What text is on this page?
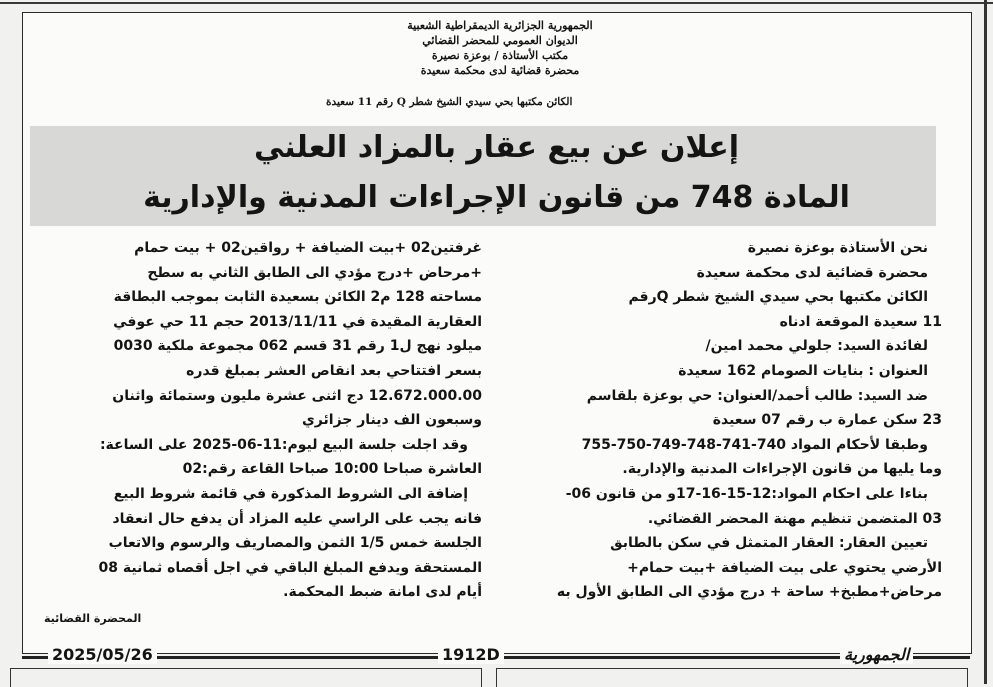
الجمهورية الجزائرية الديمقراطية الشعبية
الديوان العمومي للمحضر القضائي
مكتب الأستاذة / بوعزة نصيرة
محضرة قضائية لدى محكمة سعيدة
الكائن مكتبها بحي سيدي الشيخ شطر Q رقم 11 سعيدة
إعلان عن بيع عقار بالمزاد العلني
المادة 748 من قانون الإجراءات المدنية والإدارية
نحن الأستاذة بوعزة نصيرة
محضرة قضائية لدى محكمة سعيدة
الكائن مكتبها بحي سيدي الشيخ شطر Qرقم
11 سعيدة الموقعة ادناه
لفائدة السيد: جلولي محمد امين/
العنوان : بنايات الصومام 162 سعيدة
ضد السيد: طالب أحمد/العنوان: حي بوعزة بلقاسم
23 سكن عمارة ب رقم 07 سعيدة
وطبقا لأحكام المواد 740-741-748-749-750-755
وما يليها من قانون الإجراءات المدنية والإدارية.
بناءا على احكام المواد:12-15-16-17و من قانون 06-
03 المتضمن تنظيم مهنة المحضر القضائي.
تعيين العقار: العقار المتمثل في سكن بالطابق
الأرضي يحتوي على بيت الضيافة +بيت حمام+
مرحاض+مطبخ+ ساحة + درج مؤدي الى الطابق الأول به
غرفتين02 +بيت الضيافة + رواقين02 + بيت حمام
+مرحاض +درج مؤدي الى الطابق الثاني به سطح
مساحته 128 م2 الكائن بسعيدة الثابت بموجب البطاقة
العقارية المقيدة في 2013/11/11 حجم 11 حي عوفي
ميلود نهج ل1 رقم 31 قسم 062 مجموعة ملكية 0030
بسعر افتتاحي بعد انقاص العشر بمبلغ قدره
12.672.000.00 دج اثنى عشرة مليون وستمائة واثنان
وسبعون الف دينار جزائري
وقد اجلت جلسة البيع ليوم:11-06-2025 على الساعة:
العاشرة صباحا 10:00 صباحا القاعة رقم:02
إضافة الى الشروط المذكورة في قائمة شروط البيع
فانه يجب على الراسي عليه المزاد أن يدفع حال انعقاد
الجلسة خمس 1/5 الثمن والمصاريف والرسوم والاتعاب
المستحقة ويدفع المبلغ الباقي في اجل أقصاه ثمانية 08
أيام لدى امانة ضبط المحكمة.
المحضرة القضائية
2025/05/26	1912D	الجمهورية
